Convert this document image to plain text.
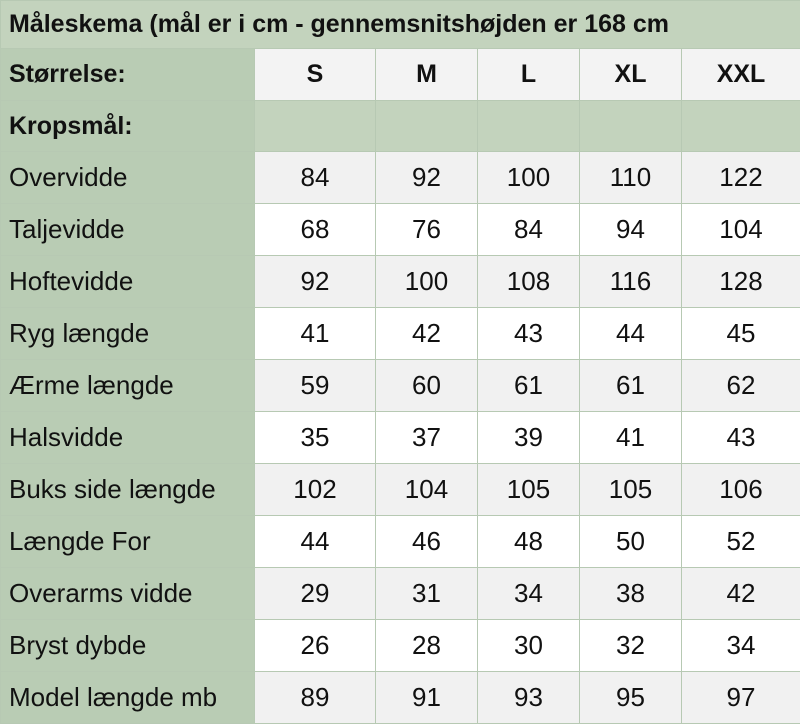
Måleskema (mål er i cm - gennemsnitshøjden er 168 cm					
Størrelse:	S	M	L	XL	XXL
Kropsmål:					
Overvidde	84	92	100	110	122
Taljevidde	68	76	84	94	104
Hoftevidde	92	100	108	116	128
Ryg længde	41	42	43	44	45
Ærme længde	59	60	61	61	62
Halsvidde	35	37	39	41	43
Buks side længde	102	104	105	105	106
Længde For	44	46	48	50	52
Overarms vidde	29	31	34	38	42
Bryst dybde	26	28	30	32	34
Model længde mb	89	91	93	95	97
